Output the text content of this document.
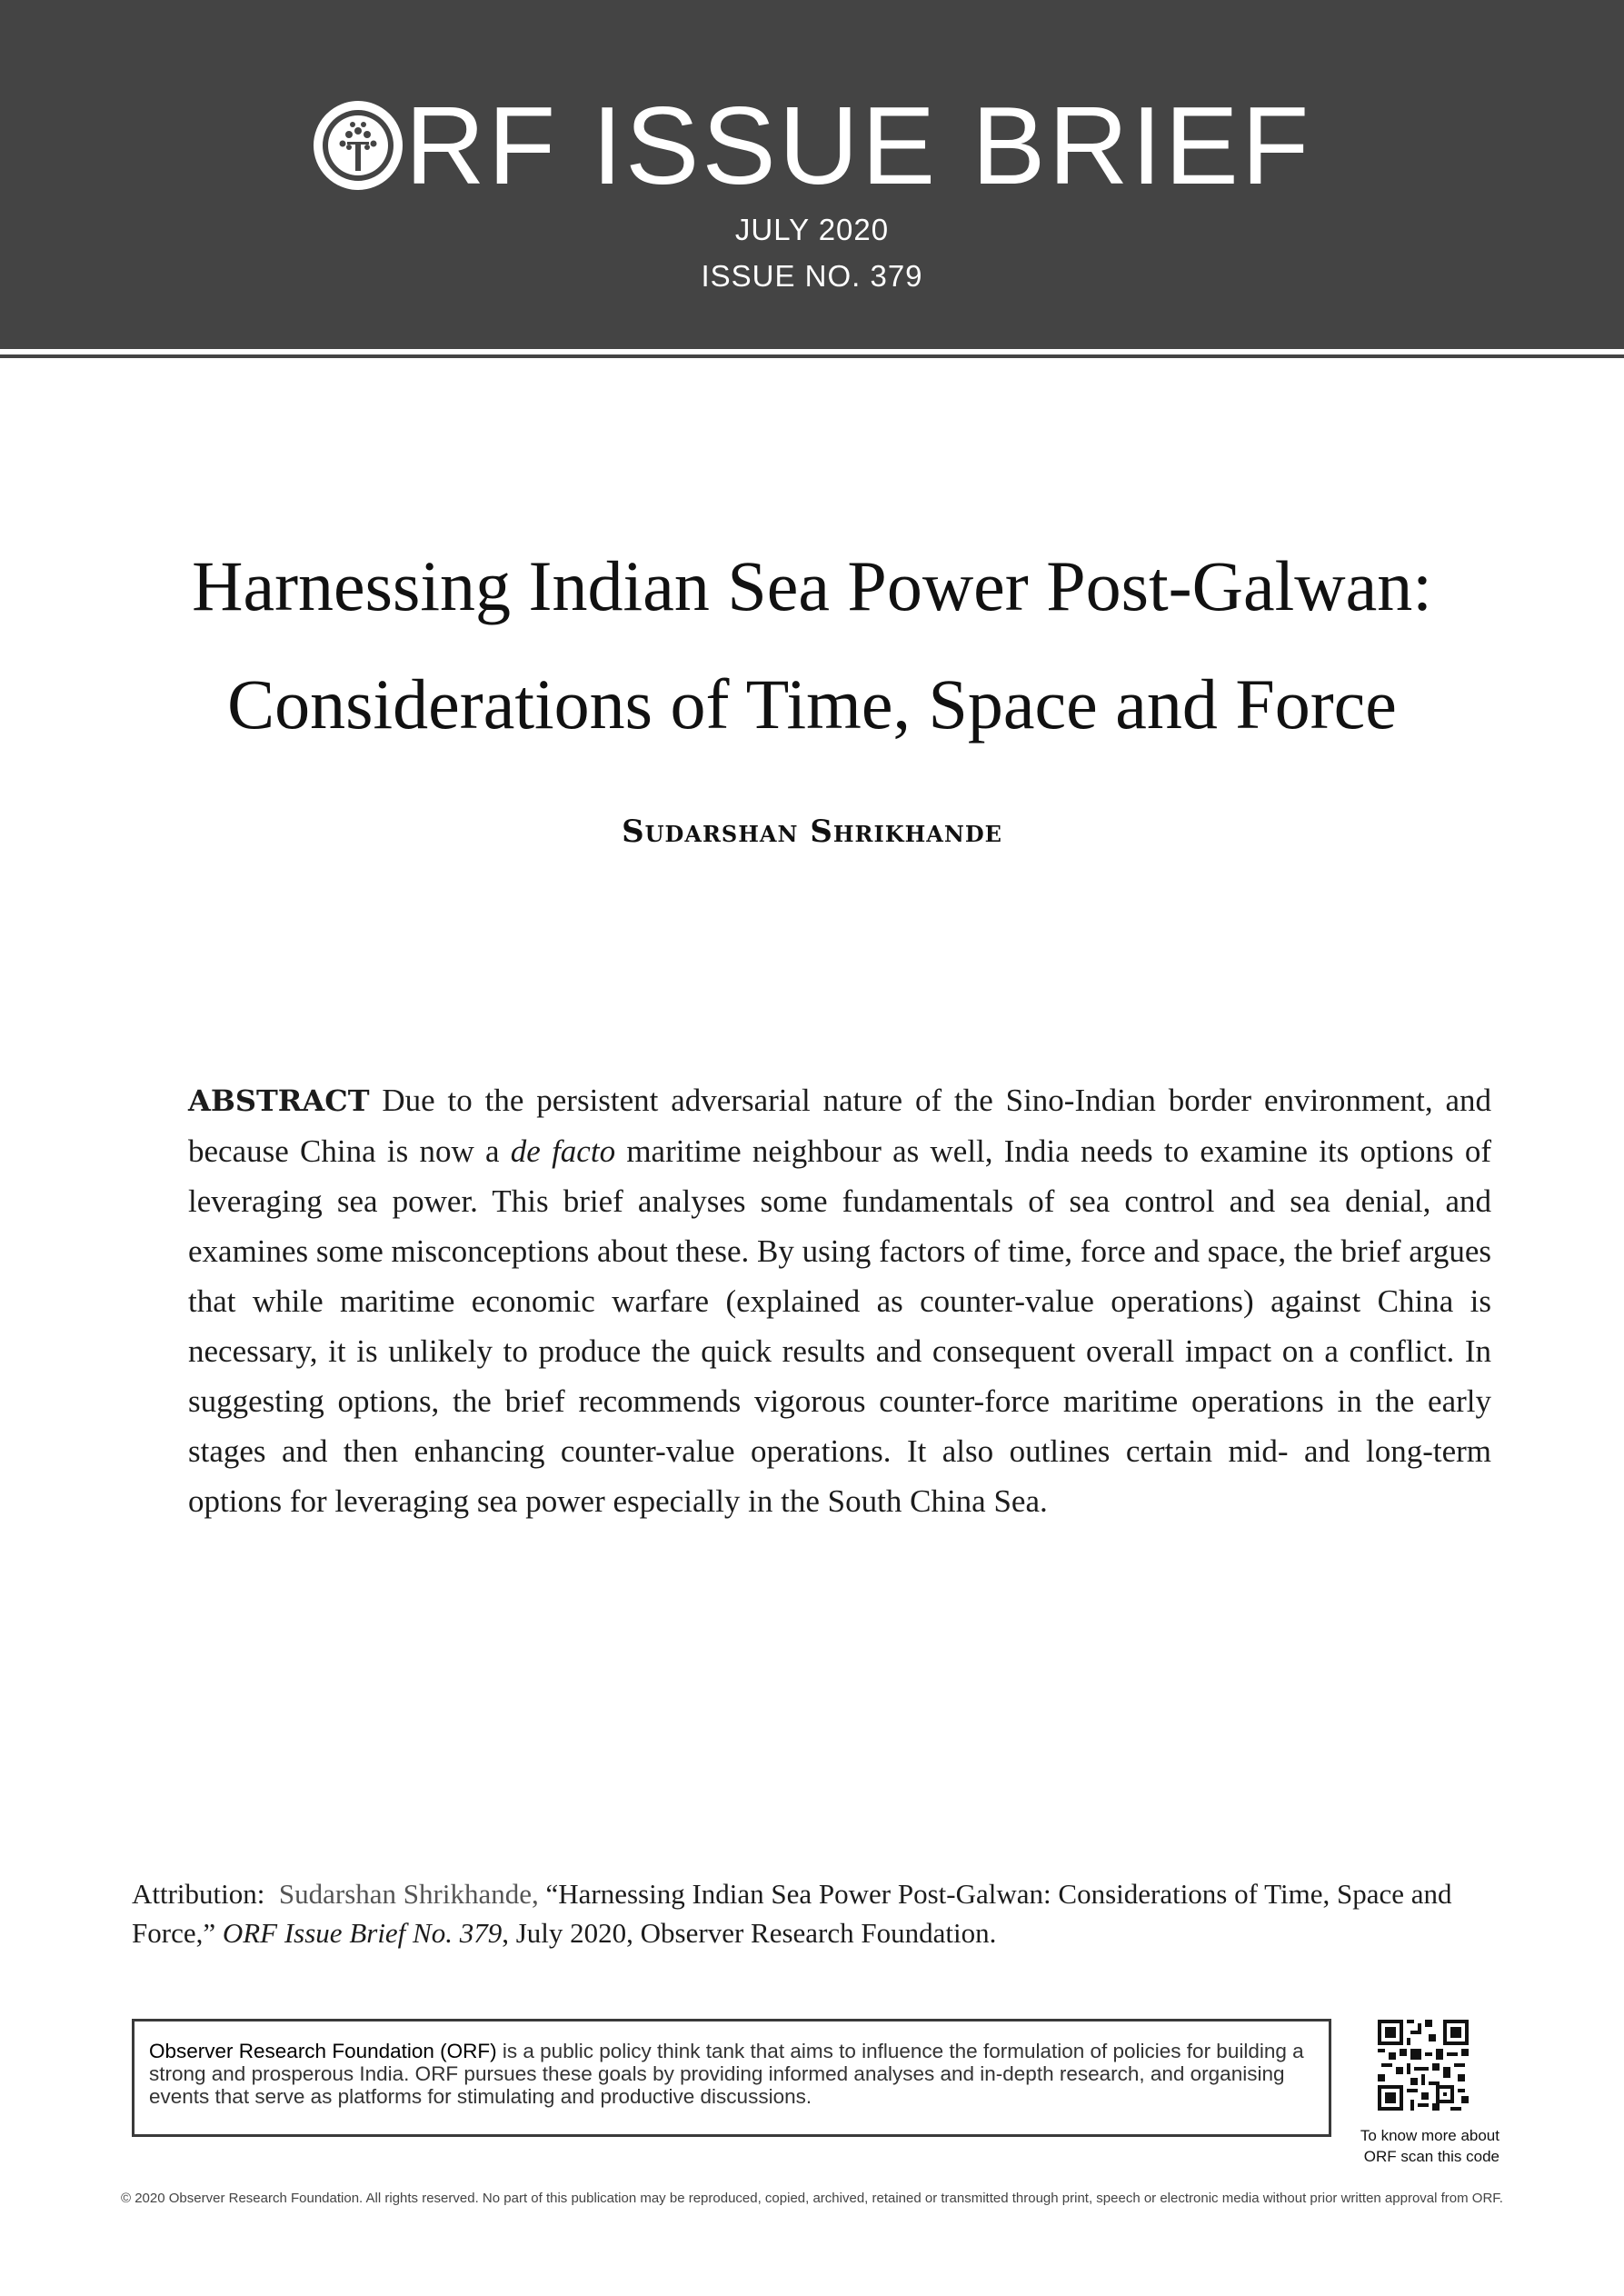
RF ISSUE BRIEF
JULY 2020
ISSUE NO. 379
Harnessing Indian Sea Power Post-Galwan:
Considerations of Time, Space and Force
Sudarshan Shrikhande
ABSTRACT Due to the persistent adversarial nature of the Sino-Indian border environment, and because China is now a de facto maritime neighbour as well, India needs to examine its options of leveraging sea power. This brief analyses some fundamentals of sea control and sea denial, and examines some misconceptions about these. By using factors of time, force and space, the brief argues that while maritime economic warfare (explained as counter-value operations) against China is necessary, it is unlikely to produce the quick results and consequent overall impact on a conflict. In suggesting options, the brief recommends vigorous counter-force maritime operations in the early stages and then enhancing counter-value operations. It also outlines certain mid- and long-term options for leveraging sea power especially in the South China Sea.
Attribution: Sudarshan Shrikhande, “Harnessing Indian Sea Power Post-Galwan: Considerations of Time, Space and Force,” ORF Issue Brief No. 379, July 2020, Observer Research Foundation.
Observer Research Foundation (ORF) is a public policy think tank that aims to influence the formulation of policies for building a strong and prosperous India. ORF pursues these goals by providing informed analyses and in-depth research, and organising events that serve as platforms for stimulating and productive discussions.
To know more about
ORF scan this code
© 2020 Observer Research Foundation. All rights reserved. No part of this publication may be reproduced, copied, archived, retained or transmitted through print, speech or electronic media without prior written approval from ORF.
